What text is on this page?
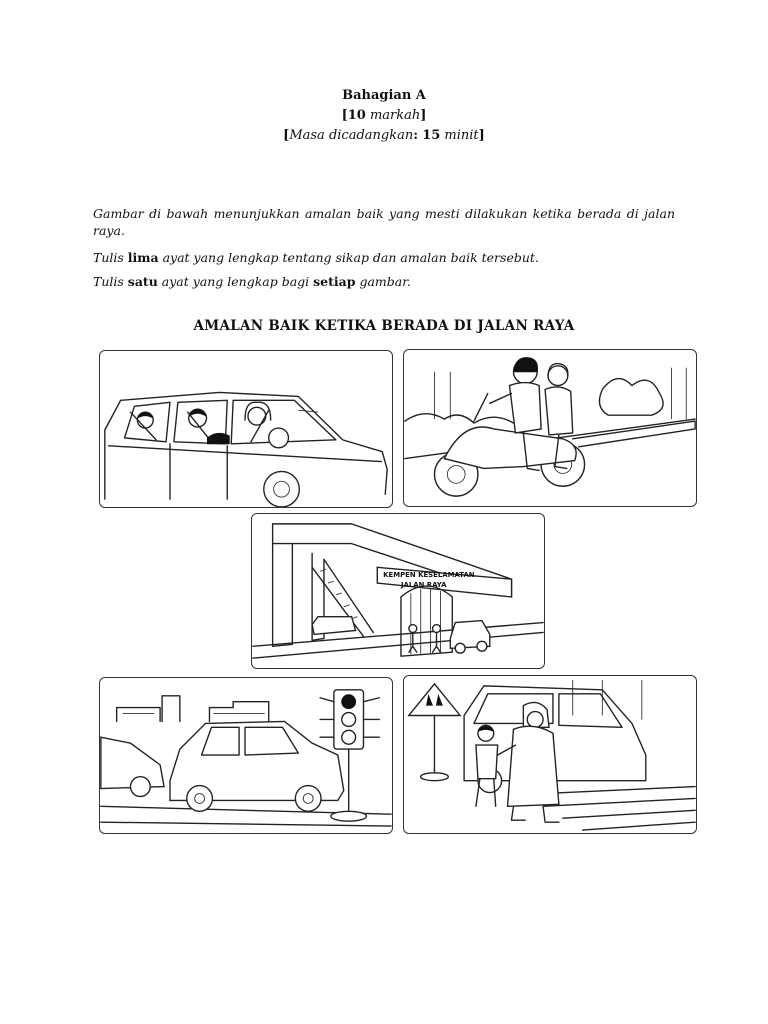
Bahagian A
[10 markah]
[Masa dicadangkan: 15 minit]
Gambar di bawah menunjukkan amalan baik yang mesti dilakukan ketika berada di jalan raya.
Tulis lima ayat yang lengkap tentang sikap dan amalan baik tersebut.
Tulis satu ayat yang lengkap bagi setiap gambar.
AMALAN BAIK KETIKA BERADA DI JALAN RAYA
KEMPEN KESELAMATAN
JALAN RAYA
